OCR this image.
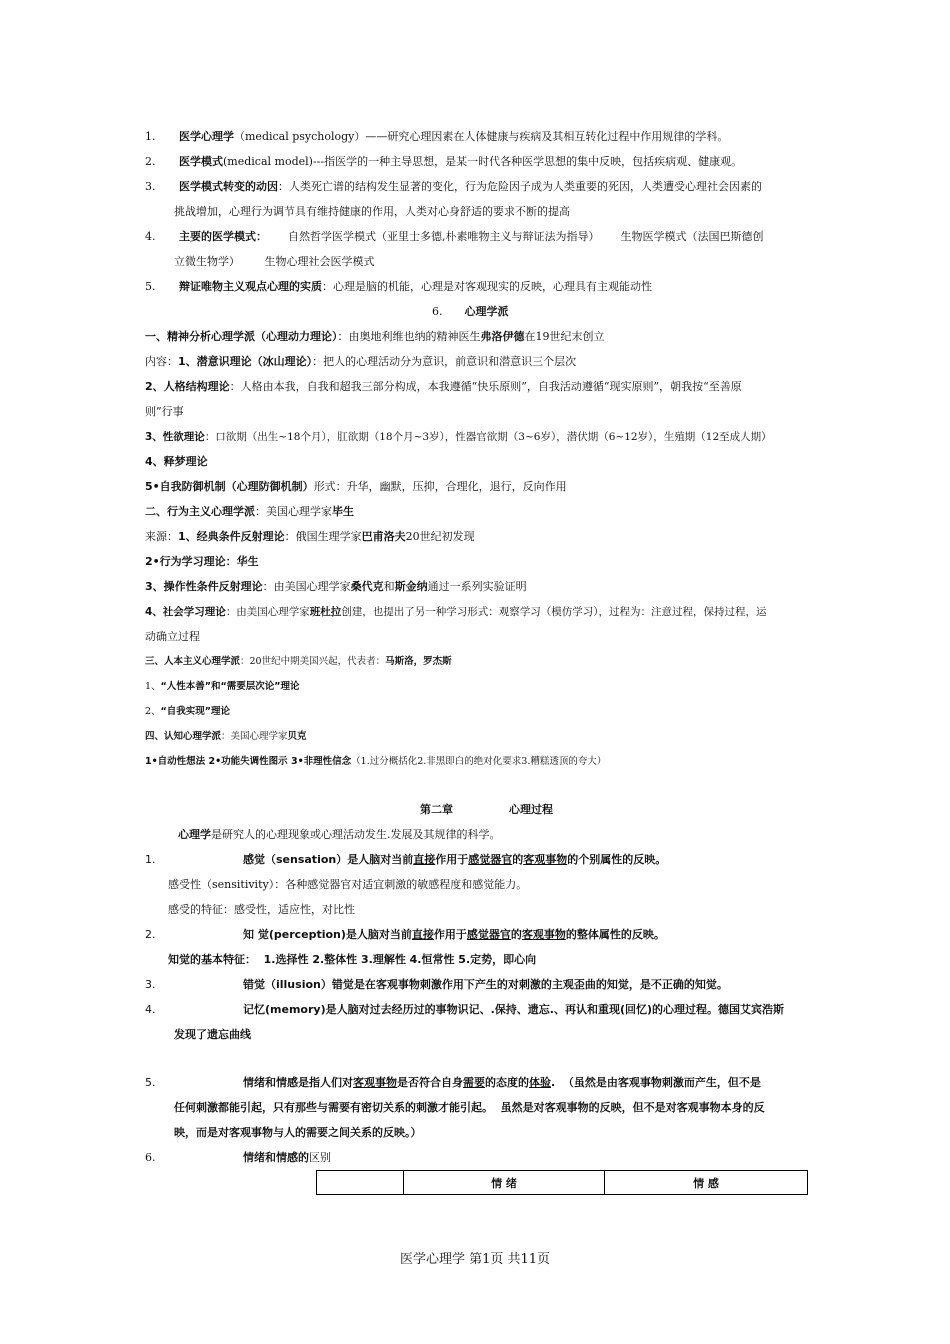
1. 医学心理学（medical psychology）——研究心理因素在人体健康与疾病及其相互转化过程中作用规律的学科。
2. 医学模式(medical model)---指医学的一种主导思想，是某一时代各种医学思想的集中反映，包括疾病观、健康观。
3. 医学模式转变的动因：人类死亡谱的结构发生显著的变化，行为危险因子成为人类重要的死因，人类遭受心理社会因素的
挑战增加，心理行为调节具有维持健康的作用，人类对心身舒适的要求不断的提高
4. 主要的医学模式：      自然哲学医学模式（亚里士多德,朴素唯物主义与辩证法为指导）      生物医学模式（法国巴斯德创
立微生物学）       生物心理社会医学模式
5. 辩证唯物主义观点心理的实质：心理是脑的机能，心理是对客观现实的反映，心理具有主观能动性
6. 心理学派
一、精神分析心理学派（心理动力理论）：由奥地利维也纳的精神医生弗洛伊德在19世纪末创立
内容：1、潜意识理论（冰山理论）：把人的心理活动分为意识，前意识和潜意识三个层次
2、人格结构理论：人格由本我，自我和超我三部分构成，本我遵循“快乐原则”，自我活动遵循“现实原则”，朝我按“至善原
则”行事
3、性欲理论：口欲期（出生~18个月），肛欲期（18个月~3岁），性器官欲期（3~6岁），潜伏期（6~12岁），生殖期（12至成人期）
4、释梦理论
5•自我防御机制（心理防御机制）形式：升华，幽默，压抑，合理化，退行，反向作用
二、行为主义心理学派：美国心理学家毕生
来源：1、经典条件反射理论：俄国生理学家巴甫洛夫20世纪初发现
2•行为学习理论：华生
3、操作性条件反射理论：由美国心理学家桑代克和斯金纳通过一系列实验证明
4、社会学习理论：由美国心理学家班杜拉创建，也提出了另一种学习形式：观察学习（模仿学习），过程为：注意过程，保持过程，运
动确立过程
三、人本主义心理学派：20世纪中期美国兴起，代表者：马斯洛，罗杰斯
1、“人性本善”和“需要层次论”理论
2、“自我实现”理论
四、认知心理学派：美国心理学家贝克
1•自动性想法 2•功能失调性图示 3•非理性信念（1.过分概括化2.非黑即白的绝对化要求3.糟糕透顶的夸大）
第二章	心理过程
心理学是研究人的心理现象或心理活动发生.发展及其规律的科学。
1.	感觉（sensation）是人脑对当前直接作用于感觉器官的客观事物的个别属性的反映。
感受性（sensitivity）：各种感觉器官对适宜刺激的敏感程度和感觉能力。
感受的特征：感受性，适应性，对比性
2.	知 觉(perception)是人脑对当前直接作用于感觉器官的客观事物的整体属性的反映。
知觉的基本特征：  1.选择性 2.整体性 3.理解性 4.恒常性 5.定势，即心向
3.	错觉（illusion）错觉是在客观事物刺激作用下产生的对刺激的主观歪曲的知觉，是不正确的知觉。
4.	记忆(memory)是人脑对过去经历过的事物识记、.保持、遗忘.、再认和重现(回忆)的心理过程。德国艾宾浩斯
发现了遗忘曲线
5.	情绪和情感是指人们对客观事物是否符合自身需要的态度的体验.  （虽然是由客观事物刺激而产生，但不是
任何刺激都能引起，只有那些与需要有密切关系的刺激才能引起。  虽然是对客观事物的反映，但不是对客观事物本身的反
映，而是对客观事物与人的需要之间关系的反映。）
6.	情绪和情感的区别
	情 绪	情 感
医学心理学 第1页 共11页
